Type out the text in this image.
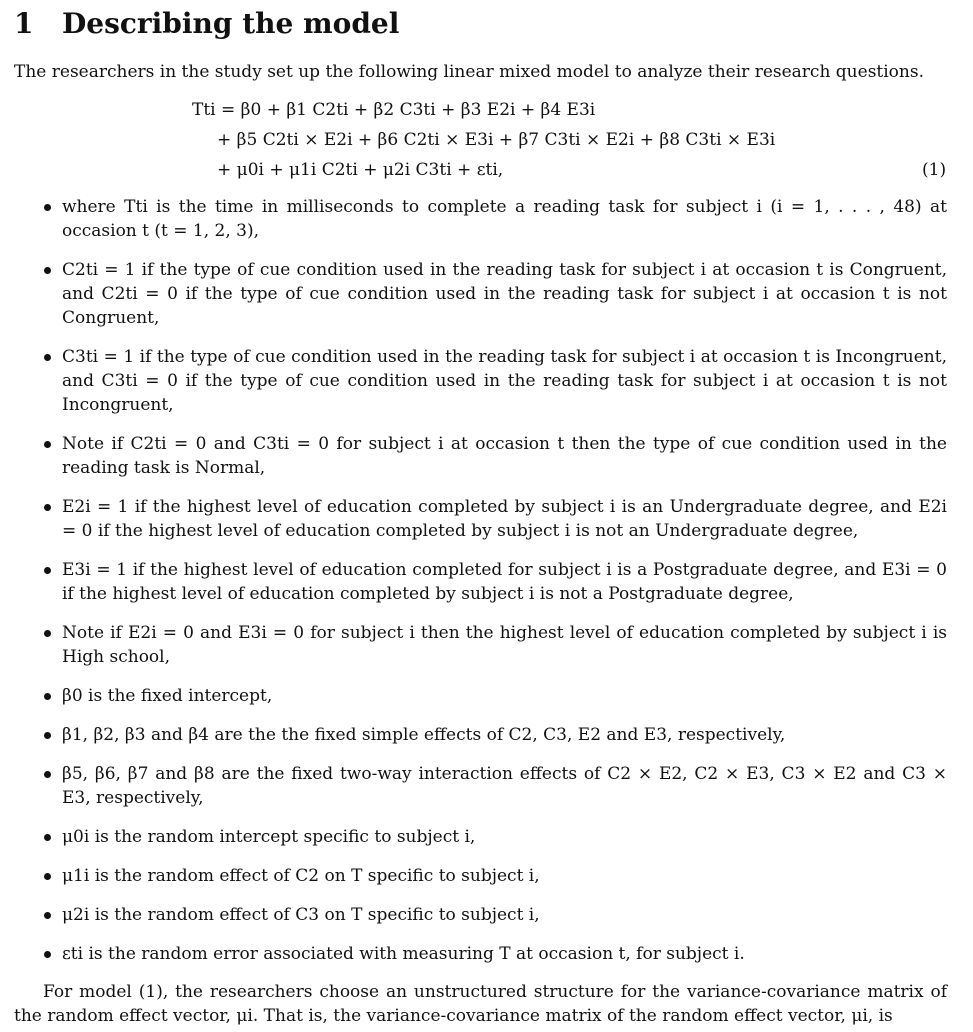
1 Describing the model
The researchers in the study set up the following linear mixed model to analyze their research questions.
Tti = β0 + β1 C2ti + β2 C3ti + β3 E2i + β4 E3i
+ β5 C2ti × E2i + β6 C2ti × E3i + β7 C3ti × E2i + β8 C3ti × E3i
+ μ0i + μ1i C2ti + μ2i C3ti + εti,	(1)
where Tti is the time in milliseconds to complete a reading task for subject i (i = 1, . . . , 48) at occasion t (t = 1, 2, 3),
C2ti = 1 if the type of cue condition used in the reading task for subject i at occasion t is Congruent, and C2ti = 0 if the type of cue condition used in the reading task for subject i at occasion t is not Congruent,
C3ti = 1 if the type of cue condition used in the reading task for subject i at occasion t is Incongruent, and C3ti = 0 if the type of cue condition used in the reading task for subject i at occasion t is not Incongruent,
Note if C2ti = 0 and C3ti = 0 for subject i at occasion t then the type of cue condition used in the reading task is Normal,
E2i = 1 if the highest level of education completed by subject i is an Undergraduate degree, and E2i = 0 if the highest level of education completed by subject i is not an Undergraduate degree,
E3i = 1 if the highest level of education completed for subject i is a Postgraduate degree, and E3i = 0 if the highest level of education completed by subject i is not a Postgraduate degree,
Note if E2i = 0 and E3i = 0 for subject i then the highest level of education completed by subject i is High school,
β0 is the fixed intercept,
β1, β2, β3 and β4 are the the fixed simple effects of C2, C3, E2 and E3, respectively,
β5, β6, β7 and β8 are the fixed two-way interaction effects of C2 × E2, C2 × E3, C3 × E2 and C3 × E3, respectively,
μ0i is the random intercept specific to subject i,
μ1i is the random effect of C2 on T specific to subject i,
μ2i is the random effect of C3 on T specific to subject i,
εti is the random error associated with measuring T at occasion t, for subject i.
For model (1), the researchers choose an unstructured structure for the variance-covariance matrix of the random effect vector, μi. That is, the variance-covariance matrix of the random effect vector, μi, is
